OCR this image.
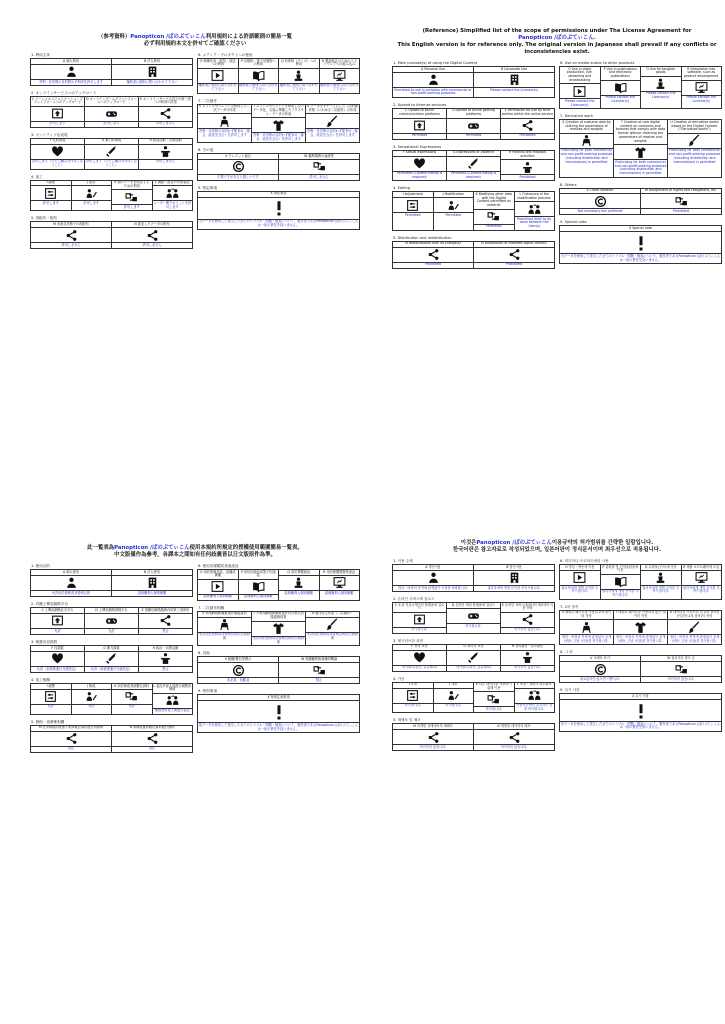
（参考資料）Panopticon /ぱのぷてぃこん利用規約による許諾範囲の簡易一覧
必ず利用規約本文を併せてご確認ください
1. 利用主体
A 個人利用
営利・非営利の目的問わず利用を許可します
B 法人利用
権利者に個別に問い合わせて下さい
2. オンラインサービスへのアップロード
C ソーシャルコミュニケーションプラットフォームへのアップロード
許可します
D オンラインゲームプラットフォームへのアップロード
許可します
E オンラインサービス内での第三者への利用の許諾
許可しません
3. センシティブな表現
F 性的表現
許可します（ただし編み分けはこなうこと）
G 暴力的表現
許可します（ただし編み分けはこなうこと）
H 政治活動・宗教活動
許可しません
4. 加工
I 調整
許可します
J 改変
許可します
K 他のデータを改変するための利用
許可します
L 調整・改変の外部委託
ユーザー間でおうことを許可します
5. 再配布・配布
M 未改変状態での再配布
許可しません
N 改変したデータの配布
許可しません
6. メディア・プロダクトへの使用
O 映像作品・配信・放送への利用
権利者に個別に問い合わせて下さい
P 出版物・電子出版物への利用
権利者に個別に問い合わせて下さい
Q 有体物（グッズ）への利用
権利者に個別に問い合わせて下さい
R 製品組込のためのソフトウェアへの組み込み
権利者に個別に問い合わせて下さい
7. 二次創作
S メッシュやウェイトを利用した二次データの作成
営利・非営利の目的わず配布可（都合、改変を含む）を許可します
T メッシュやウェイトを利用しないデータ化、衣装に準拠したテクスチャ・データの作成
営利・非営利の目的わず配布可（都合、改変を含む）を許可します
U データをモチーフにした二次的創作物（いわゆる二次創作）の作成
営利・非営利の目的わず配布可（都合、改変を含む）を許可します
8. その他
V クレジット表記
不要ですがあると嬉しいです
W 権利義務の譲渡等
許可しません
9. 特記事項
X 特記事項
当データを使用して発生した全てのトラブル・問題・損害について、製作者であるPanopticon /ぱのぷてぃこんは一切の責任を負いません。
(Reference) Simplified list of the scope of permissions under The License Agreement for
Panopticon /ぱのぷてぃこん.
This English version is for reference only. The original version in Japanese shall prevail if any conflicts or inconsistencies exist.
1. Main purpose(s) of using the Digital Content
A Personal Use
Permitted to use in activities with commercial or non-profit-seeking purposes
B Corporate Use
Please contact the Licensor(s)
2. Upload to Internet services
C Upload to social communication platforms
Permitted
D Upload to online gaming platforms
Permitted
E Permission for use by third parties within the online service
Prohibited
3. Sensational Expressions
F Sexual expressions
Permitted (Content Rating is required)
G Expressions of Violence
Permitted (Content Rating is required)
H Political and religious activities
Prohibited
4. Editing
I Adjustment
Permitted
J Modification
Permitted
K Modifying other data with the Digital Content permitted as material
Permitted
L Outsource of the modification process.
Permitted ONLY to be done between the User(s)
5. Distribution and redistribution
M Redistribution with no change(s)
Prohibited
N Distribution of modified digital content
Prohibited
6. Use on media and/or to other products
O Use in video production, live-streaming and broadcasting
Please contact the Licensor(s)
P Use in publications and electronic publications
Please contact the Licensor(s)
Q Use for tangible goods
Please contact the Licensor(s)
R Integration into software, such as product development
Please contact the Licensor(s)
7. Derivative work
S Creation of costume data by utilizing the parameters of meshes and weights
Publicizing for both commercial and non-profit-seeking purposes (including distribution and transmission) is permitted
T Creation of new digital content on costumes and textures that comply with data format without diverting the parameters of meshes and weights
Publicizing for both commercial and non-profit-seeking purposes (including distribution and transmission) is permitted
U Creation of derivative works based on the Digital Content ("Derivative works")
Publicizing for both commercial and non-profit-seeking purposes (including distribution and transmission) is permitted
8. Others
V Credit notation
Not necessary but preferred
W Assignment of Rights and Obligations, etc.
Prohibited
9. Special note
X Special note
当データを使用して発生した全てのトラブル・問題・損害について、製作者であるPanopticon /ぱのぷてぃこんは一切の責任を負いません。
此一覧表為Panopticon /ぱのぷてぃこん使用本規約所規定的授權使用範圍簡易一覧表。
中文版僅作為參考，各譯本之間如有任何歧義皆以日文版原件為準。
1. 使用目的
A 個人使用
允許用於營利或非營利目的
B 法人使用
請與權利人個別聯繫
2. 有關上傳至網路平台
C 上傳至網路社交平台
允許
D 上傳至網路遊戲平台
允許
E 授權於網路服務內的第三者使用
禁止
3. 敏感內容描寫
F 性描寫
允許（但需要進行分級設定）
G 暴力描寫
允許（但需要進行分級設定）
H 政治・宗教活動
禁止
4. 加工相關
I 調整
允許
J 修改
允許
K 用於修改其他數位資料
允許
L 委託外部人員進行調整或修改
僅限使用者之間進行委託
5. 發佈・再發佈相關
M 在未修改的狀態下將該數位資料進行再發佈
禁止
N 將修改後的數位資料進行發佈
禁止
6. 使用於媒體或其他產品
O 用於影像作品、直播或廣播
請與權利人個別聯繫
P 用於出版品或電子出版品
請與權利人個別聯繫
Q 用於實體商品
請與權利人個別聯繫
R 用於軟體開發等產品
請與權利人個別聯繫
7. 二次創作相關
S 利用網格和權重製作服裝資料
允許用於營利或非營利目的的公開發佈
T 不利用網格和權重製作符合格式的服裝與材質
允許用於營利或非營利目的的公開發佈
U 製作衍生作品（二次創作）
允許用於營利或非營利目的的公開發佈
8. 其他
V 版權/署名等標示
非必要，但歡迎
W 有關權利與義務的轉讓
禁止
9. 特別事項
X 特別注意事項
當データを使用して発生した全てのトラブル・問題・損害について、製作者であるPanopticon /ぱのぷてぃこんは一切の責任を負いません。
이것은Panopticon /ぱのぷてぃこん이용규약의 허가범위를 간략한 일람입니다.
한국어판은 참고자료로 작성되었으며, 일본어판이 정식문서이며 최우선으로 적용됩니다.
1. 이용 주체
A 개인이용
영리・비영리 목적에 관계없이 이용을 허락합니다.
B 법인이용
권리자에게 개별 문의를 부탁드립니다.
2. 온라인 서비스에 업로드
C 소셜 커뮤니케이션 플랫폼에 업로드
허가합니다.
D 온라인 게임 플랫폼에 업로드
허가합니다.
E 온라인 서비스내에서의 제3자의 이용 허락
허가하지 않습니다.
3. 센시티브한 표현
F 성적 표현
허가합니다(단, 분류필요)
G 폭력적 표현
허가합니다(단, 분류필요)
H 정치활동・종교활동
허가하지 않습니다.
4. 가공
I 조정
허가합니다.
J 개변
허가합니다.
K 다른 데이터를 개변하기 위해 이용
허가합니다.
L 조정・개변의 외부위탁
사용자간에서 실시하는 것을 허가합니다.
5. 재배포 및 배포
M 미개변 상태에서의 재배포
허가하지 않습니다.
N 개변한 데이터의 배포
허가하지 않습니다.
6. 미디어나 프로덕트에의 사용
O 영상・방송에 이용
권리자에게 개별 문의를 부탁드립니다.
P 출판물 및 전자출판물에 이용
권리자에게 개별 문의를 부탁드립니다.
Q 유형물(굿즈)에 이용
권리자에게 개별 문의를 부탁드립니다.
R 제품 소프트웨어에 도입
권리자에게 개별 문의를 부탁드립니다.
7. 2차 창작
S 메쉬나 웨이트를 이용한 2차 데이터 작성
영리・비영리 목적에 관계없이 공개(배포, 전송 포함)를 허가합니다.
T 메쉬나 웨이트를 이용하지 않는 데이터 작성
영리・비영리 목적에 관계없이 공개(배포, 전송 포함)를 허가합니다.
U 데이터를 모티프로 한 2차 창작물(이른바 2차 창작)의 작성
영리・비영리 목적에 관계없이 공개(배포, 전송 포함)를 허가합니다.
8. 그 외
V 크레딧 표기
필요없지만 있으면 기쁩니다.
W 권리의무 양도 등
허가하지 않습니다.
9. 특기 사항
X 특기 사항
당データを使用して発生した全てのトラブル・問題・損害について、製作者であるPanopticon /ぱのぷてぃこんは一切の責任を負いません。
